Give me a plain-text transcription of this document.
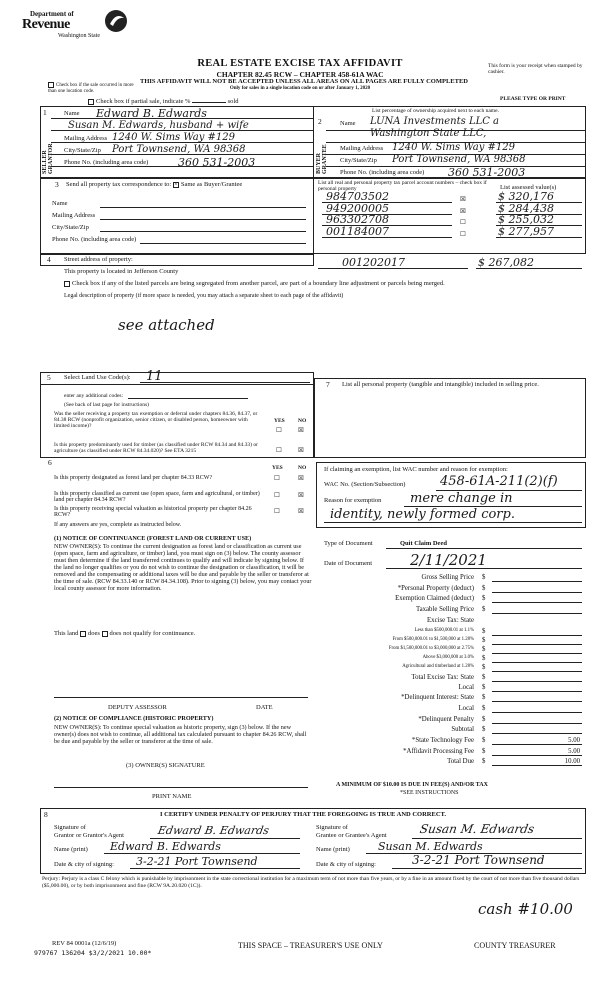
Department of
Revenue
Washington State
REAL ESTATE EXCISE TAX AFFIDAVIT
CHAPTER 82.45 RCW – CHAPTER 458-61A WAC
THIS AFFIDAVIT WILL NOT BE ACCEPTED UNLESS ALL AREAS ON ALL PAGES ARE FULLY COMPLETED
Only for sales in a single location code on or after January 1, 2020
This form is your receipt when stamped by cashier.
PLEASE TYPE OR PRINT
Check box if the sale occurred in more than one location code.
Check box if partial sale, indicate %	sold
List percentage of ownership acquired next to each name.
1
SELLER GRANTOR
Name Edward B. Edwards
Susan M. Edwards, husband + wife
Mailing Address 1240 W. Sims Way #129
City/State/Zip Port Townsend, WA 98368
Phone No. (including area code)	360 531-2003
2
BUYER GRANTEE
Name LUNA Investments LLC a
Washington State LLC,
Mailing Address 1240 W. Sims Way #129
City/State/Zip Port Townsend, WA 98368
Phone No. (including area code) 360 531-2003
3 Send all property tax correspondence to: × Same as Buyer/Grantee
Name
Mailing Address
City/State/Zip
Phone No. (including area code)
List all real and personal property tax parcel account numbers – check box if personal property	List assessed value(s)
984703502	☒	$ 320,176
949200005	☒	$ 284,438
963302708	☐	$ 255,032
001184007	☐	$ 277,957
001202017	$ 267,082
4 Street address of property:
This property is located in Jefferson County
Check box if any of the listed parcels are being segregated from another parcel, are part of a boundary line adjustment or parcels being merged.
Legal description of property (if more space is needed, you may attach a separate sheet to each page of the affidavit)
see attached
5 Select Land Use Code(s): 11
enter any additional codes:
(See back of last page for instructions)
Was the seller receiving a property tax exemption or deferral under chapters 84.36, 84.37, or 84.38 RCW (nonprofit organization, senior citizen, or disabled person, homeowner with limited income)?
YES NO
☐ ☒
Is this property predominantly used for timber (as classified under RCW 84.34 and 84.33) or agriculture (as classified under RCW 84.34.020)? See ETA 3215	☐ ☒
7 List all personal property (tangible and intangible) included in selling price.
6
YES	NO
Is this property designated as forest land per chapter 84.33 RCW?	☐	☒
Is this property classified as current use (open space, farm and agricultural, or timber) land per chapter 84.34 RCW?
☐	☒
Is this property receiving special valuation as historical property per chapter 84.26 RCW?	☐	☒
If any answers are yes, complete as instructed below.
(1) NOTICE OF CONTINUANCE (FOREST LAND OR CURRENT USE)
NEW OWNER(S): To continue the current designation as forest land or classification as current use (open space, farm and agriculture, or timber) land, you must sign on (3) below. The county assessor must then determine if the land transferred continues to qualify and will indicate by signing below. If the land no longer qualifies or you do not wish to continue the designation or classification, it will be removed and the compensating or additional taxes will be due and payable by the seller or transferor at the time of sale. (RCW 84.33.140 or RCW 84.34.108). Prior to signing (3) below, you may contact your local county assessor for more information.
This land does does not qualify for continuance.
DEPUTY ASSESSOR	DATE
(2) NOTICE OF COMPLIANCE (HISTORIC PROPERTY)
NEW OWNER(S): To continue special valuation as historic property, sign (3) below. If the new owner(s) does not wish to continue, all additional tax calculated pursuant to chapter 84.26 RCW, shall be due and payable by the seller or transferor at the time of sale.
(3) OWNER(S) SIGNATURE
PRINT NAME
If claiming an exemption, list WAC number and reason for exemption:
WAC No. (Section/Subsection)	458-61A-211(2)(f)
Reason for exemption mere change in
identity, newly formed corp.
Type of Document	Quit Claim Deed
Date of Document	2/11/2021
Gross Selling Price $
*Personal Property (deduct) $
Exemption Claimed (deduct) $
Taxable Selling Price $
Excise Tax: State
Less than $500,000.01 at 1.1% $
From $500,000.01 to $1,500,000 at 1.28% $
From $1,500,000.01 to $3,000,000 at 2.75% $
Above $3,000,000 at 3.0% $
Agricultural and timberland at 1.28% $
Total Excise Tax: State $
Local $
*Delinquent Interest: State $
Local $
*Delinquent Penalty $
Subtotal $
*State Technology Fee $	5.00
*Affidavit Processing Fee $	5.00
Total Due $	10.00
A MINIMUM OF $10.00 IS DUE IN FEE(S) AND/OR TAX
*SEE INSTRUCTIONS
8	I CERTIFY UNDER PENALTY OF PERJURY THAT THE FOREGOING IS TRUE AND CORRECT.
Signature of
Grantor or Grantor's Agent	Edward B. Edwards
Name (print) Edward B. Edwards
Date & city of signing: 3-2-21 Port Townsend
Signature of
Grantee or Grantee's Agent	Susan M. Edwards
Name (print)	Susan M. Edwards
Date & city of signing:	3-2-21 Port Townsend
Perjury: Perjury is a class C felony which is punishable by imprisonment in the state correctional institution for a maximum term of not more than five years, or by a fine in an amount fixed by the court of not more than five thousand dollars ($5,000.00), or by both imprisonment and fine (RCW 9A.20.020 (1C)).
cash #10.00
REV 84 0001a (12/6/19)
979767 136204 $3/2/2021 10.00*
THIS SPACE – TREASURER'S USE ONLY	COUNTY TREASURER
